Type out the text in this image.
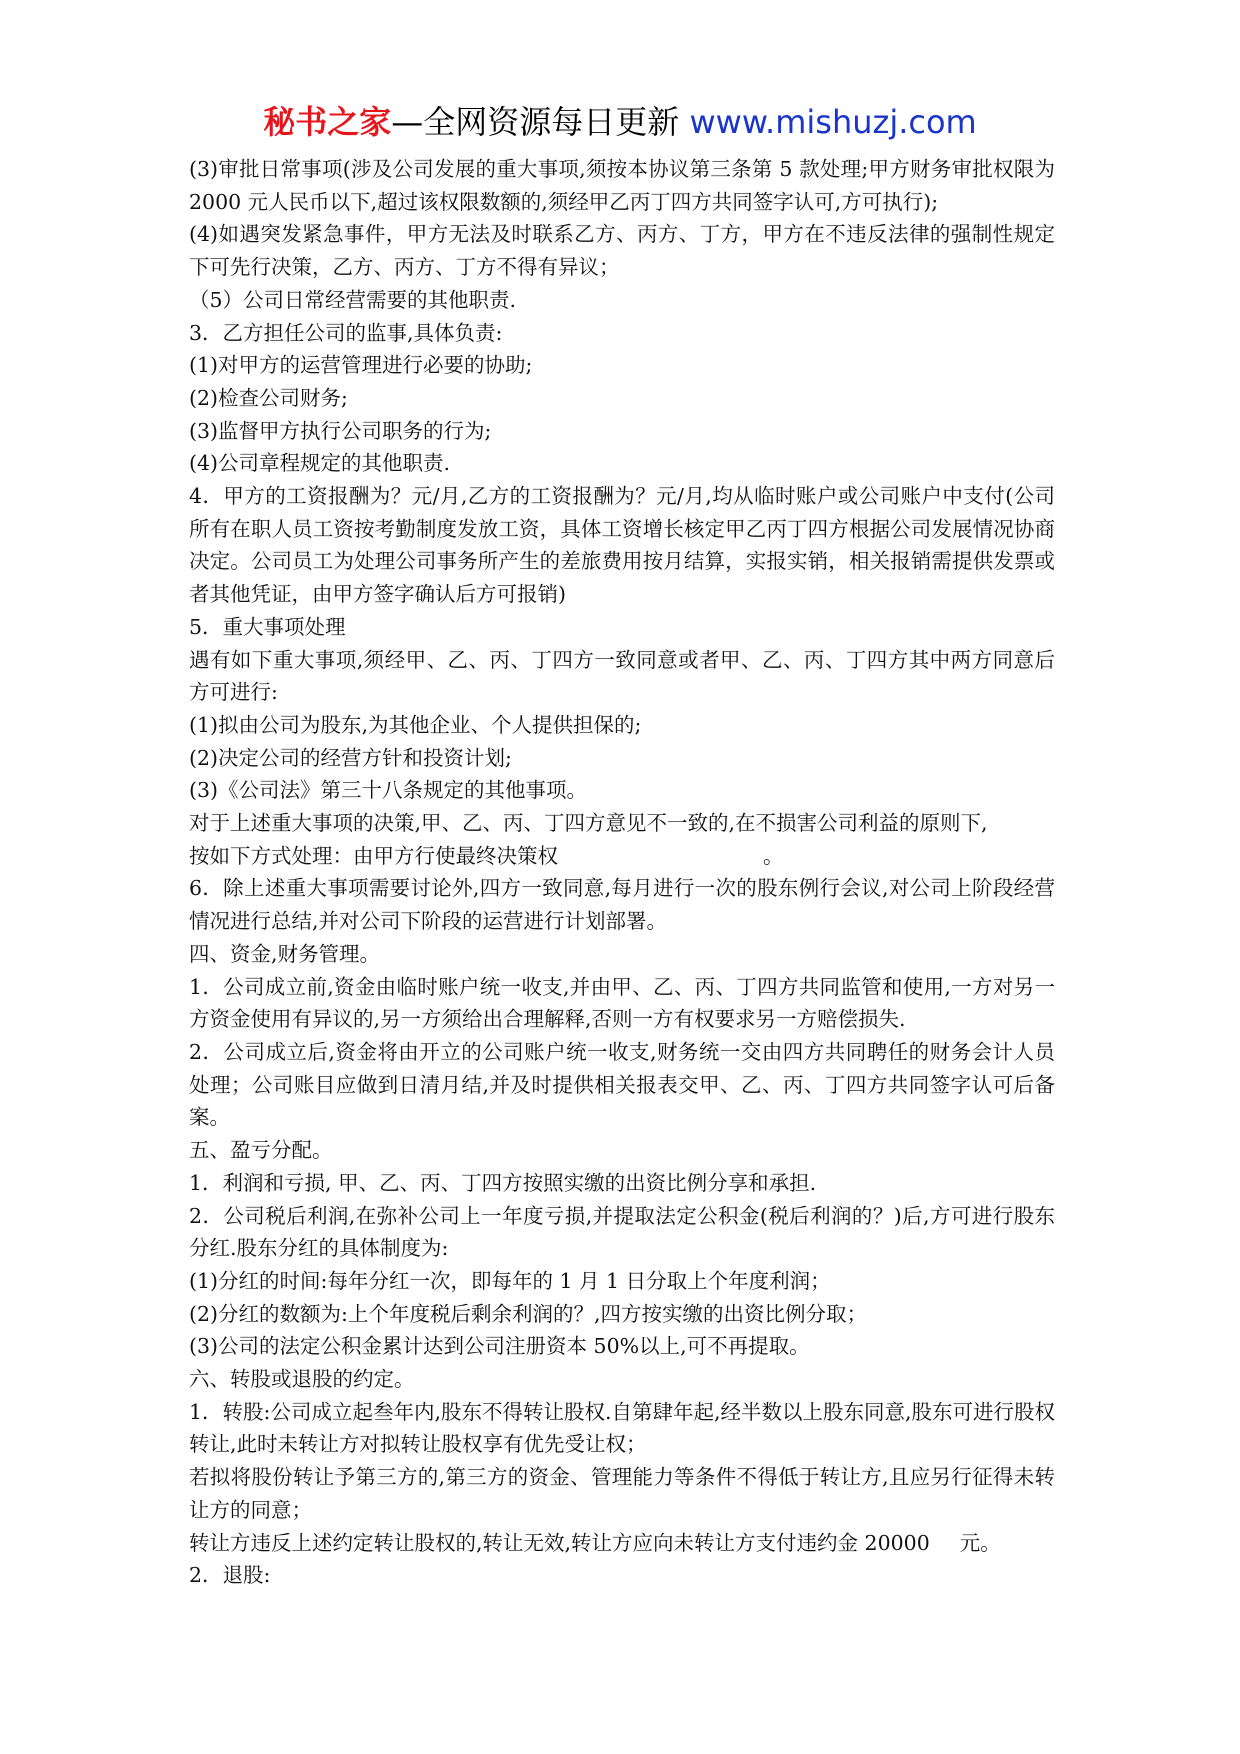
秘书之家—全网资源每日更新 www.mishuzj.com

(3)审批日常事项(涉及公司发展的重大事项,须按本协议第三条第 5 款处理;甲方财务审批权限为 2000 元人民币以下,超过该权限数额的,须经甲乙丙丁四方共同签字认可,方可执行);

(4)如遇突发紧急事件，甲方无法及时联系乙方、丙方、丁方，甲方在不违反法律的强制性规定下可先行决策，乙方、丙方、丁方不得有异议；

（5）公司日常经营需要的其他职责.

3．乙方担任公司的监事,具体负责:

(1)对甲方的运营管理进行必要的协助;

(2)检查公司财务;

(3)监督甲方执行公司职务的行为;

(4)公司章程规定的其他职责.

4．甲方的工资报酬为？元/月,乙方的工资报酬为？元/月,均从临时账户或公司账户中支付(公司所有在职人员工资按考勤制度发放工资，具体工资增长核定甲乙丙丁四方根据公司发展情况协商决定。公司员工为处理公司事务所产生的差旅费用按月结算，实报实销，相关报销需提供发票或者其他凭证，由甲方签字确认后方可报销)

5．重大事项处理

遇有如下重大事项,须经甲、乙、丙、丁四方一致同意或者甲、乙、丙、丁四方其中两方同意后方可进行:

(1)拟由公司为股东,为其他企业、个人提供担保的;

(2)决定公司的经营方针和投资计划;

(3)《公司法》第三十八条规定的其他事项。

对于上述重大事项的决策,甲、乙、丙、丁四方意见不一致的,在不损害公司利益的原则下,

按如下方式处理：由甲方行使最终决策权	。

6．除上述重大事项需要讨论外,四方一致同意,每月进行一次的股东例行会议,对公司上阶段经营情况进行总结,并对公司下阶段的运营进行计划部署。

四、资金,财务管理。

1．公司成立前,资金由临时账户统一收支,并由甲、乙、丙、丁四方共同监管和使用,一方对另一方资金使用有异议的,另一方须给出合理解释,否则一方有权要求另一方赔偿损失.

2．公司成立后,资金将由开立的公司账户统一收支,财务统一交由四方共同聘任的财务会计人员处理；公司账目应做到日清月结,并及时提供相关报表交甲、乙、丙、丁四方共同签字认可后备案。

五、盈亏分配。

1．利润和亏损, 甲、乙、丙、丁四方按照实缴的出资比例分享和承担.

2．公司税后利润,在弥补公司上一年度亏损,并提取法定公积金(税后利润的？)后,方可进行股东分红.股东分红的具体制度为:

(1)分红的时间:每年分红一次，即每年的 1 月 1 日分取上个年度利润；

(2)分红的数额为:上个年度税后剩余利润的？,四方按实缴的出资比例分取；

(3)公司的法定公积金累计达到公司注册资本 50%以上,可不再提取。

六、转股或退股的约定。

1．转股:公司成立起叁年内,股东不得转让股权.自第肆年起,经半数以上股东同意,股东可进行股权转让,此时未转让方对拟转让股权享有优先受让权；

若拟将股份转让予第三方的,第三方的资金、管理能力等条件不得低于转让方,且应另行征得未转让方的同意；

转让方违反上述约定转让股权的,转让无效,转让方应向未转让方支付违约金 20000 元。

2．退股:
